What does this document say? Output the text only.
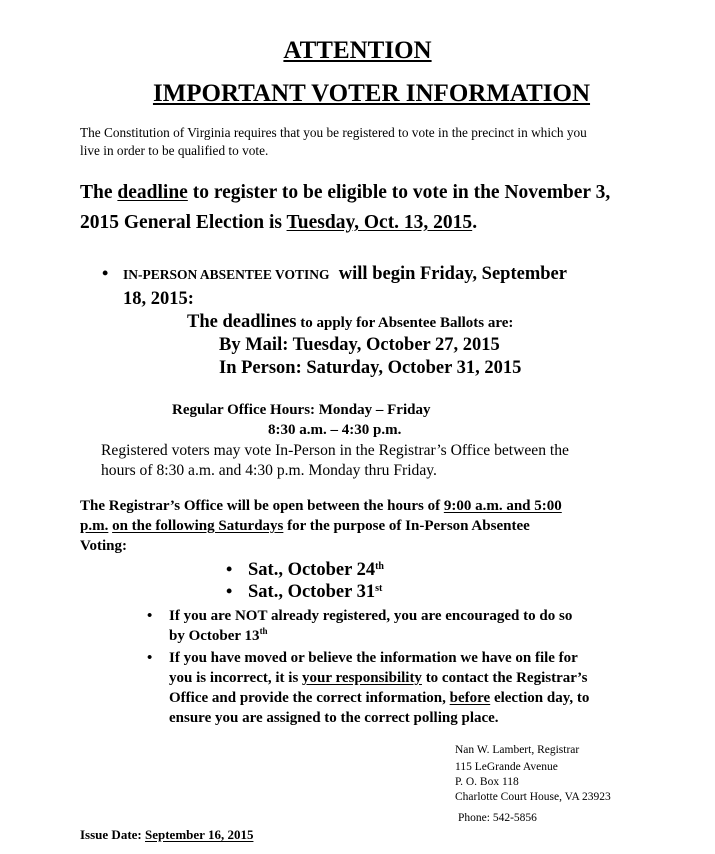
ATTENTION
IMPORTANT VOTER INFORMATION
The Constitution of Virginia requires that you be registered to vote in the precinct in which you
live in order to be qualified to vote.
The deadline to register to be eligible to vote in the November 3,
2015 General Election is Tuesday, Oct. 13, 2015.
• IN-PERSON ABSENTEE VOTING  will begin Friday, September
18, 2015:
The deadlines to apply for Absentee Ballots are:
By Mail: Tuesday, October 27, 2015
In Person: Saturday, October 31, 2015
Regular Office Hours: Monday – Friday
8:30 a.m. – 4:30 p.m.
Registered voters may vote In-Person in the Registrar’s Office between the
hours of 8:30 a.m. and 4:30 p.m. Monday thru Friday.
The Registrar’s Office will be open between the hours of 9:00 a.m. and 5:00
p.m. on the following Saturdays for the purpose of In-Person Absentee
Voting:
• Sat., October 24th
• Sat., October 31st
• If you are NOT already registered, you are encouraged to do so
by October 13th
• If you have moved or believe the information we have on file for
you is incorrect, it is your responsibility to contact the Registrar’s
Office and provide the correct information, before election day, to
ensure you are assigned to the correct polling place.
Nan W. Lambert, Registrar
115 LeGrande Avenue
P. O. Box 118
Charlotte Court House, VA 23923
Phone: 542-5856
Issue Date: September 16, 2015
